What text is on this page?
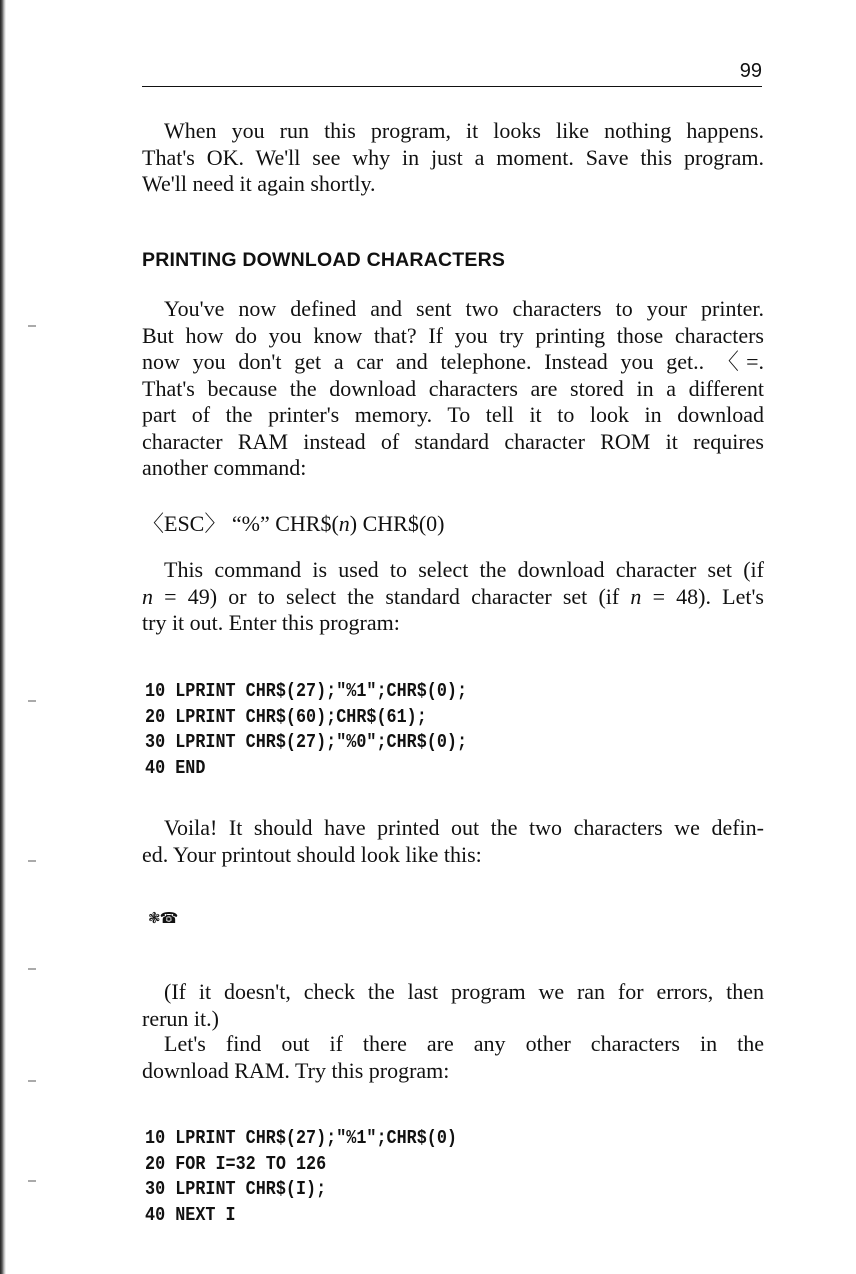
99
When you run this program, it looks like nothing happens.
That's OK. We'll see why in just a moment. Save this program.
We'll need it again shortly.
PRINTING DOWNLOAD CHARACTERS
You've now defined and sent two characters to your printer.
But how do you know that? If you try printing those characters
now you don't get a car and telephone. Instead you get.. 〈=.
That's because the download characters are stored in a different
part of the printer's memory. To tell it to look in download
character RAM instead of standard character ROM it requires
another command:
〈ESC〉 “%” CHR$(n) CHR$(0)
This command is used to select the download character set (if
n = 49) or to select the standard character set (if n = 48). Let's
try it out. Enter this program:
10 LPRINT CHR$(27);"%1";CHR$(0);
20 LPRINT CHR$(60);CHR$(61);
30 LPRINT CHR$(27);"%0";CHR$(0);
40 END
Voila! It should have printed out the two characters we defin-
ed. Your printout should look like this:
❃☎
(If it doesn't, check the last program we ran for errors, then
rerun it.)
Let's find out if there are any other characters in the
download RAM. Try this program:
10 LPRINT CHR$(27);"%1";CHR$(0)
20 FOR I=32 TO 126
30 LPRINT CHR$(I);
40 NEXT I
